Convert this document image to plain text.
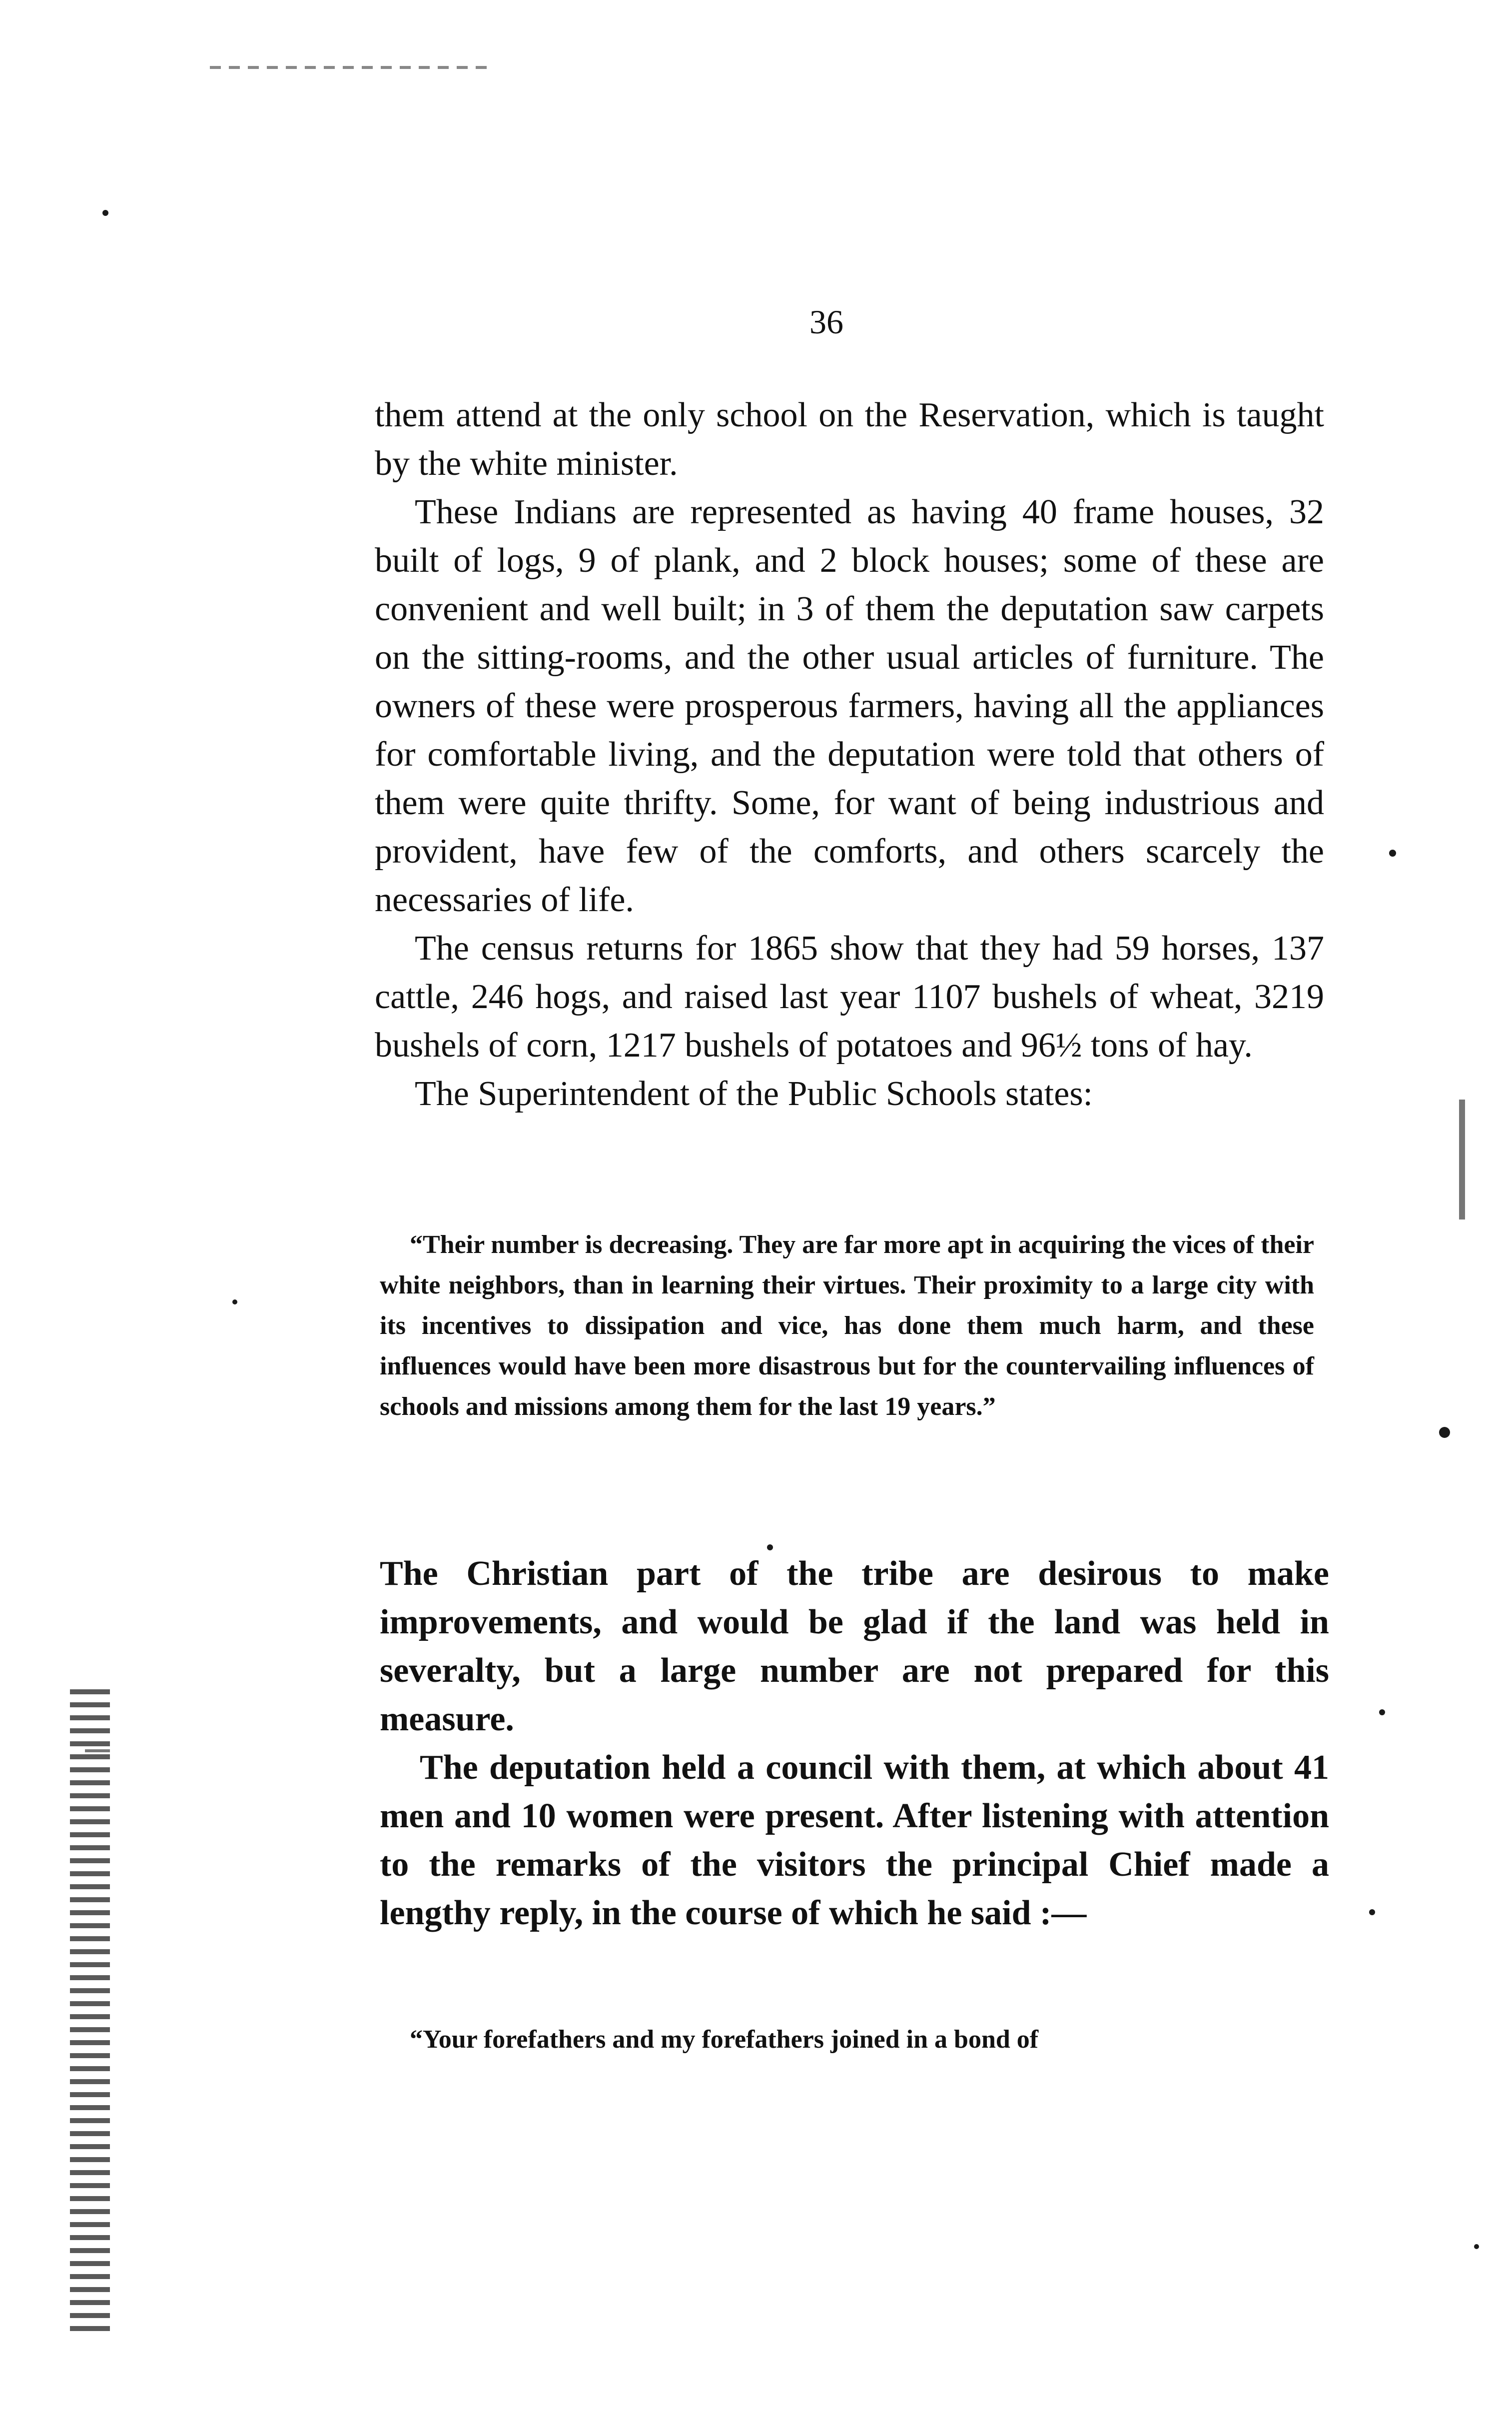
36

them attend at the only school on the Reservation, which is taught by the white minister.

These Indians are represented as having 40 frame houses, 32 built of logs, 9 of plank, and 2 block houses; some of these are convenient and well built; in 3 of them the deputation saw carpets on the sitting-rooms, and the other usual articles of furniture. The owners of these were prosperous farmers, having all the appliances for comfortable living, and the deputation were told that others of them were quite thrifty. Some, for want of being industrious and provident, have few of the comforts, and others scarcely the necessaries of life.

The census returns for 1865 show that they had 59 horses, 137 cattle, 246 hogs, and raised last year 1107 bushels of wheat, 3219 bushels of corn, 1217 bushels of potatoes and 96½ tons of hay.

The Superintendent of the Public Schools states:

“Their number is decreasing. They are far more apt in acquiring the vices of their white neighbors, than in learning their virtues. Their proximity to a large city with its incentives to dissipation and vice, has done them much harm, and these influences would have been more disastrous but for the countervailing influences of schools and missions among them for the last 19 years.”

The Christian part of the tribe are desirous to make improvements, and would be glad if the land was held in severalty, but a large number are not prepared for this measure.

The deputation held a council with them, at which about 41 men and 10 women were present. After listening with attention to the remarks of the visitors the principal Chief made a lengthy reply, in the course of which he said :—

“Your forefathers and my forefathers joined in a bond of
